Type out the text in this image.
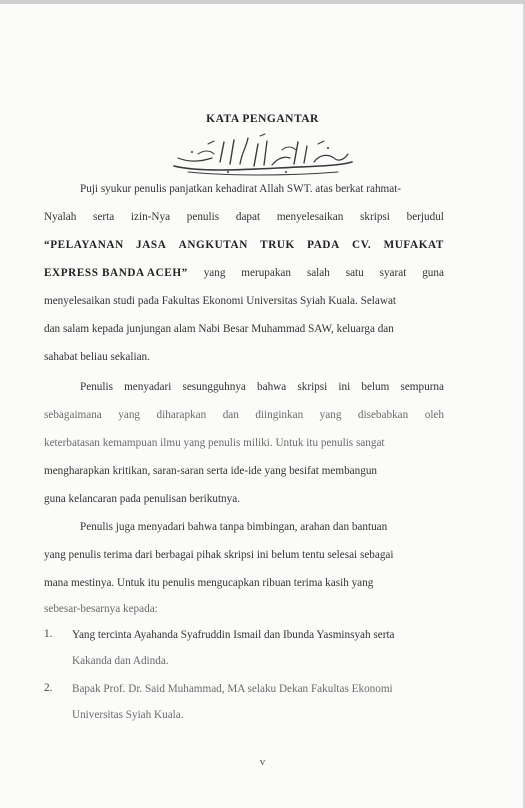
KATA PENGANTAR
Puji syukur penulis panjatkan kehadirat Allah SWT. atas berkat rahmat-
Nyalah serta izin-Nya penulis dapat menyelesaikan skripsi berjudul
“PELAYANAN JASA ANGKUTAN TRUK PADA CV. MUFAKAT
EXPRESS BANDA ACEH” yang merupakan salah satu syarat guna
menyelesaikan studi pada Fakultas Ekonomi Universitas Syiah Kuala. Selawat
dan salam kepada junjungan alam Nabi Besar Muhammad SAW, keluarga dan
sahabat beliau sekalian.
Penulis menyadari sesungguhnya bahwa skripsi ini belum sempurna
sebagaimana yang diharapkan dan diinginkan yang disebabkan oleh
keterbatasan kemampuan ilmu yang penulis miliki. Untuk itu penulis sangat
mengharapkan kritikan, saran-saran serta ide-ide yang besifat membangun
guna kelancaran pada penulisan berikutnya.
Penulis juga menyadari bahwa tanpa bimbingan, arahan dan bantuan
yang penulis terima dari berbagai pihak skripsi ini belum tentu selesai sebagai
mana mestinya. Untuk itu penulis mengucapkan ribuan terima kasih yang
sebesar-besarnya kepada:
1. Yang tercinta Ayahanda Syafruddin Ismail dan Ibunda Yasminsyah serta
Kakanda dan Adinda.
2. Bapak Prof. Dr. Said Muhammad, MA selaku Dekan Fakultas Ekonomi
Universitas Syiah Kuala.
v
